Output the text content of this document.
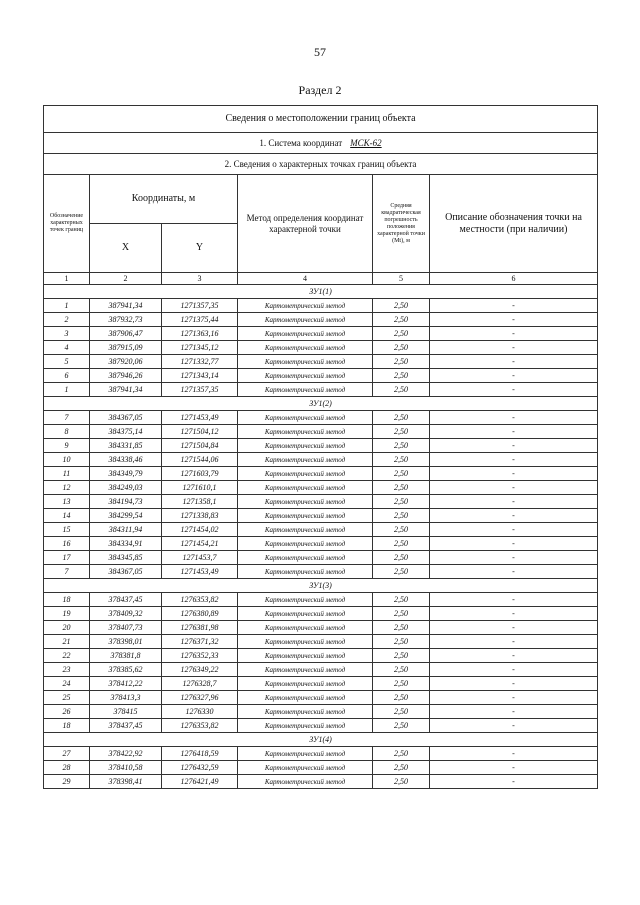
57
Раздел 2
Сведения о местоположении границ объекта					
1. Система координат МСК-62					
2. Сведения о характерных точках границ объекта					
Обозначение характерных точек границ	Координаты, м		Метод определения координат характерной точки	Средняя квадратическая погрешность положения характерной точки (Mt), м	Описание обозначения точки на местности (при наличии)
	X	Y			
1	2	3	4	5	6
ЗУ1(1)					
1	387941,34	1271357,35	Картометрический метод	2,50	-
2	387932,73	1271375,44	Картометрический метод	2,50	-
3	387906,47	1271363,16	Картометрический метод	2,50	-
4	387915,09	1271345,12	Картометрический метод	2,50	-
5	387920,06	1271332,77	Картометрический метод	2,50	-
6	387946,26	1271343,14	Картометрический метод	2,50	-
1	387941,34	1271357,35	Картометрический метод	2,50	-
ЗУ1(2)					
7	384367,05	1271453,49	Картометрический метод	2,50	-
8	384375,14	1271504,12	Картометрический метод	2,50	-
9	384331,85	1271504,84	Картометрический метод	2,50	-
10	384338,46	1271544,06	Картометрический метод	2,50	-
11	384349,79	1271603,79	Картометрический метод	2,50	-
12	384249,03	1271610,1	Картометрический метод	2,50	-
13	384194,73	1271358,1	Картометрический метод	2,50	-
14	384299,54	1271338,83	Картометрический метод	2,50	-
15	384311,94	1271454,02	Картометрический метод	2,50	-
16	384334,91	1271454,21	Картометрический метод	2,50	-
17	384345,85	1271453,7	Картометрический метод	2,50	-
7	384367,05	1271453,49	Картометрический метод	2,50	-
ЗУ1(3)					
18	378437,45	1276353,82	Картометрический метод	2,50	-
19	378409,32	1276380,89	Картометрический метод	2,50	-
20	378407,73	1276381,98	Картометрический метод	2,50	-
21	378398,01	1276371,32	Картометрический метод	2,50	-
22	378381,8	1276352,33	Картометрический метод	2,50	-
23	378385,62	1276349,22	Картометрический метод	2,50	-
24	378412,22	1276328,7	Картометрический метод	2,50	-
25	378413,3	1276327,96	Картометрический метод	2,50	-
26	378415	1276330	Картометрический метод	2,50	-
18	378437,45	1276353,82	Картометрический метод	2,50	-
ЗУ1(4)					
27	378422,92	1276418,59	Картометрический метод	2,50	-
28	378410,58	1276432,59	Картометрический метод	2,50	-
29	378398,41	1276421,49	Картометрический метод	2,50	-
